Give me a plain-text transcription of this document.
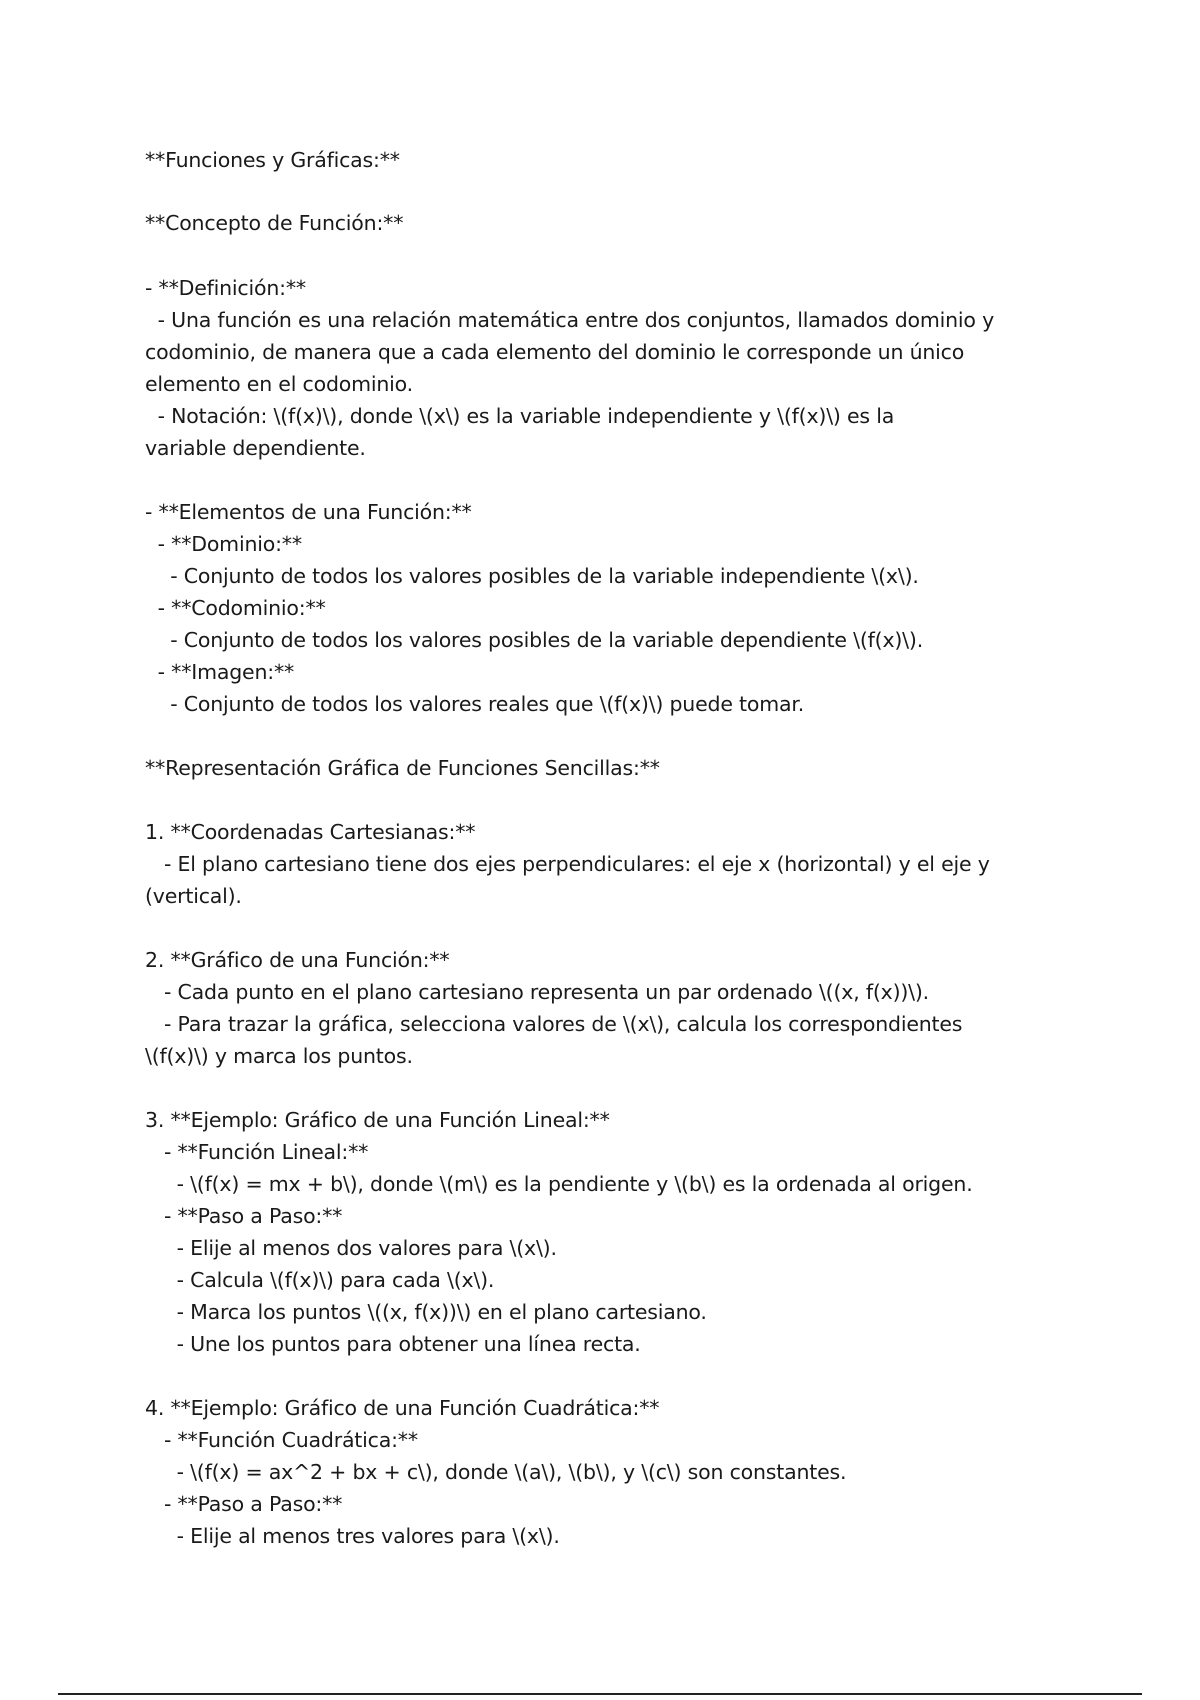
**Funciones y Gráficas:**
**Concepto de Función:**
- **Definición:**
- Una función es una relación matemática entre dos conjuntos, llamados dominio y
codominio, de manera que a cada elemento del dominio le corresponde un único
elemento en el codominio.
- Notación: \(f(x)\), donde \(x\) es la variable independiente y \(f(x)\) es la
variable dependiente.
- **Elementos de una Función:**
- **Dominio:**
- Conjunto de todos los valores posibles de la variable independiente \(x\).
- **Codominio:**
- Conjunto de todos los valores posibles de la variable dependiente \(f(x)\).
- **Imagen:**
- Conjunto de todos los valores reales que \(f(x)\) puede tomar.
**Representación Gráfica de Funciones Sencillas:**
1. **Coordenadas Cartesianas:**
- El plano cartesiano tiene dos ejes perpendiculares: el eje x (horizontal) y el eje y
(vertical).
2. **Gráfico de una Función:**
- Cada punto en el plano cartesiano representa un par ordenado \((x, f(x))\).
- Para trazar la gráfica, selecciona valores de \(x\), calcula los correspondientes
\(f(x)\) y marca los puntos.
3. **Ejemplo: Gráfico de una Función Lineal:**
- **Función Lineal:**
- \(f(x) = mx + b\), donde \(m\) es la pendiente y \(b\) es la ordenada al origen.
- **Paso a Paso:**
- Elije al menos dos valores para \(x\).
- Calcula \(f(x)\) para cada \(x\).
- Marca los puntos \((x, f(x))\) en el plano cartesiano.
- Une los puntos para obtener una línea recta.
4. **Ejemplo: Gráfico de una Función Cuadrática:**
- **Función Cuadrática:**
- \(f(x) = ax^2 + bx + c\), donde \(a\), \(b\), y \(c\) son constantes.
- **Paso a Paso:**
- Elije al menos tres valores para \(x\).
